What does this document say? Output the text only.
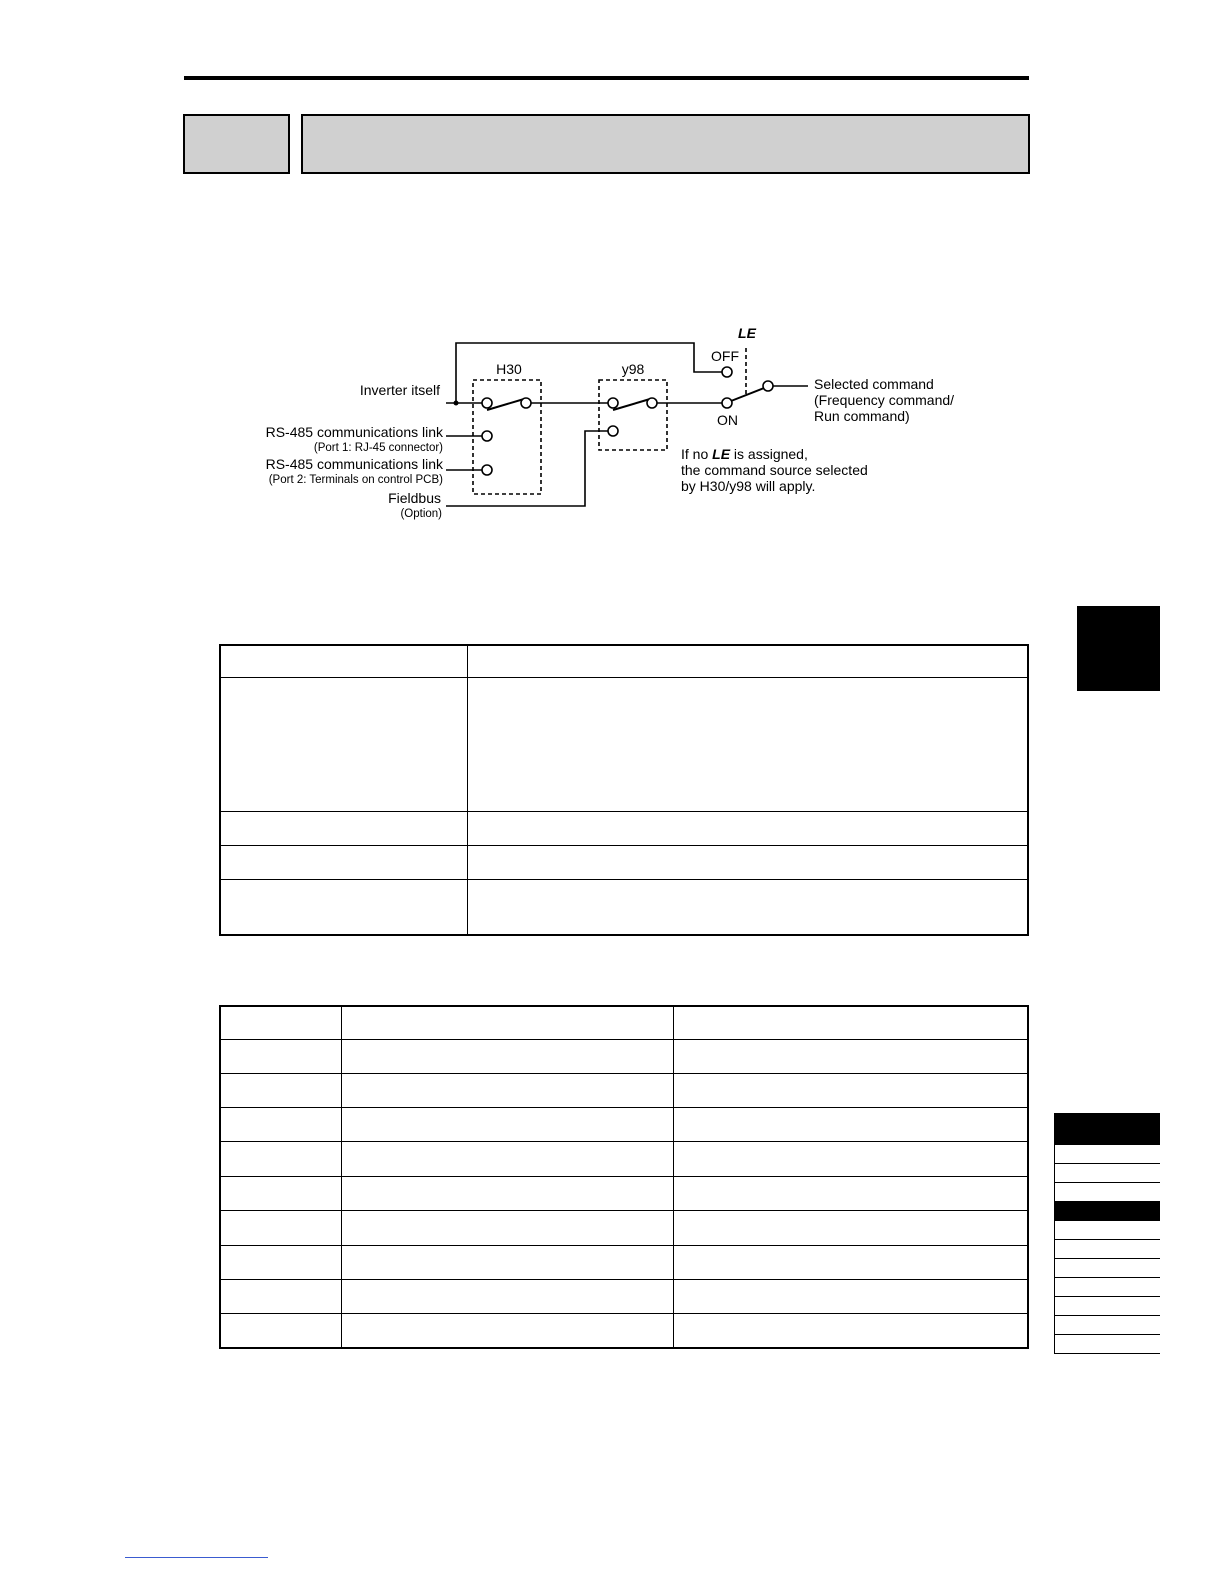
LE
OFF
ON
H30	y98
Inverter itself
RS-485 communications link
(Port 1: RJ-45 connector)
RS-485 communications link
(Port 2: Terminals on control PCB)
Fieldbus
(Option)
Selected command
(Frequency command/
Run command)
If no LE is assigned,
the command source selected
by H30/y98 will apply.
